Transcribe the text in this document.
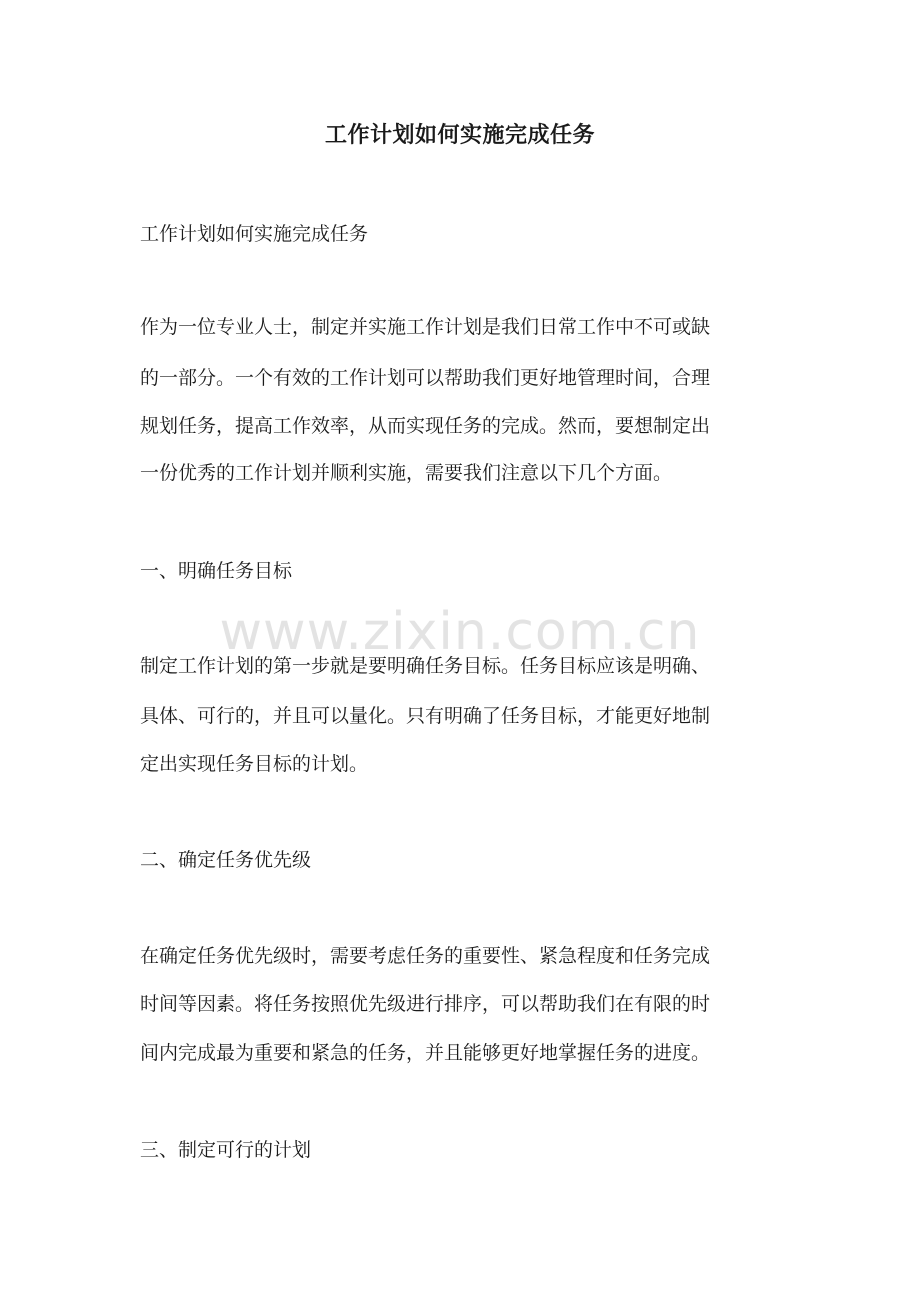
工作计划如何实施完成任务
工作计划如何实施完成任务
作为一位专业人士，制定并实施工作计划是我们日常工作中不可或缺
的一部分。一个有效的工作计划可以帮助我们更好地管理时间，合理
规划任务，提高工作效率，从而实现任务的完成。然而，要想制定出
一份优秀的工作计划并顺利实施，需要我们注意以下几个方面。
一、明确任务目标
制定工作计划的第一步就是要明确任务目标。任务目标应该是明确、
具体、可行的，并且可以量化。只有明确了任务目标，才能更好地制
定出实现任务目标的计划。
二、确定任务优先级
在确定任务优先级时，需要考虑任务的重要性、紧急程度和任务完成
时间等因素。将任务按照优先级进行排序，可以帮助我们在有限的时
间内完成最为重要和紧急的任务，并且能够更好地掌握任务的进度。
三、制定可行的计划
www.zixin.com.cn
